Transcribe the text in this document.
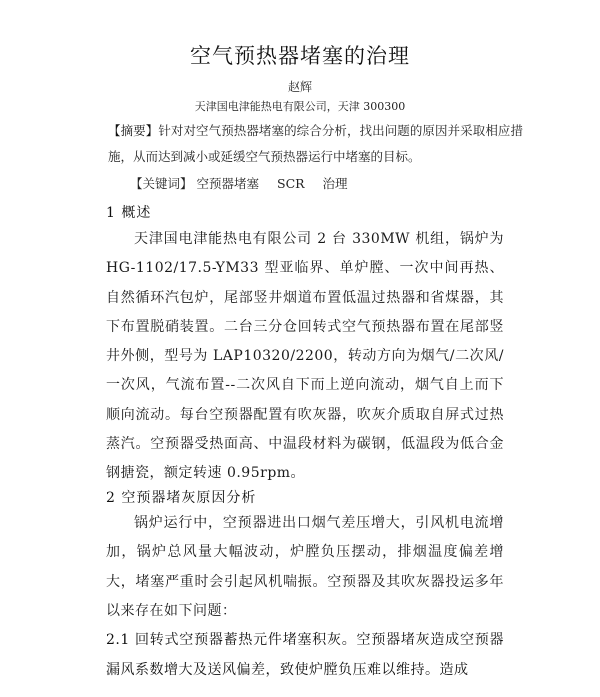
空气预热器堵塞的治理
赵辉
天津国电津能热电有限公司，天津 300300
【摘要】针对对空气预热器堵塞的综合分析，找出问题的原因并采取相应措施，从而达到减小或延缓空气预热器运行中堵塞的目标。
【关键词】 空预器堵塞 SCR 治理
1 概述
天津国电津能热电有限公司 2 台 330MW 机组，锅炉为 HG-1102/17.5-YM33 型亚临界、单炉膛、一次中间再热、自然循环汽包炉，尾部竖井烟道布置低温过热器和省煤器，其下布置脱硝装置。二台三分仓回转式空气预热器布置在尾部竖井外侧，型号为 LAP10320/2200，转动方向为烟气/二次风/一次风，气流布置--二次风自下而上逆向流动，烟气自上而下顺向流动。每台空预器配置有吹灰器，吹灰介质取自屏式过热蒸汽。空预器受热面高、中温段材料为碳钢，低温段为低合金钢搪瓷，额定转速 0.95rpm。
2 空预器堵灰原因分析
锅炉运行中，空预器进出口烟气差压增大，引风机电流增加，锅炉总风量大幅波动，炉膛负压摆动，排烟温度偏差增大，堵塞严重时会引起风机喘振。空预器及其吹灰器投运多年以来存在如下问题：
2.1 回转式空预器蓄热元件堵塞积灰。空预器堵灰造成空预器漏风系数增大及送风偏差，致使炉膛负压难以维持。造成
